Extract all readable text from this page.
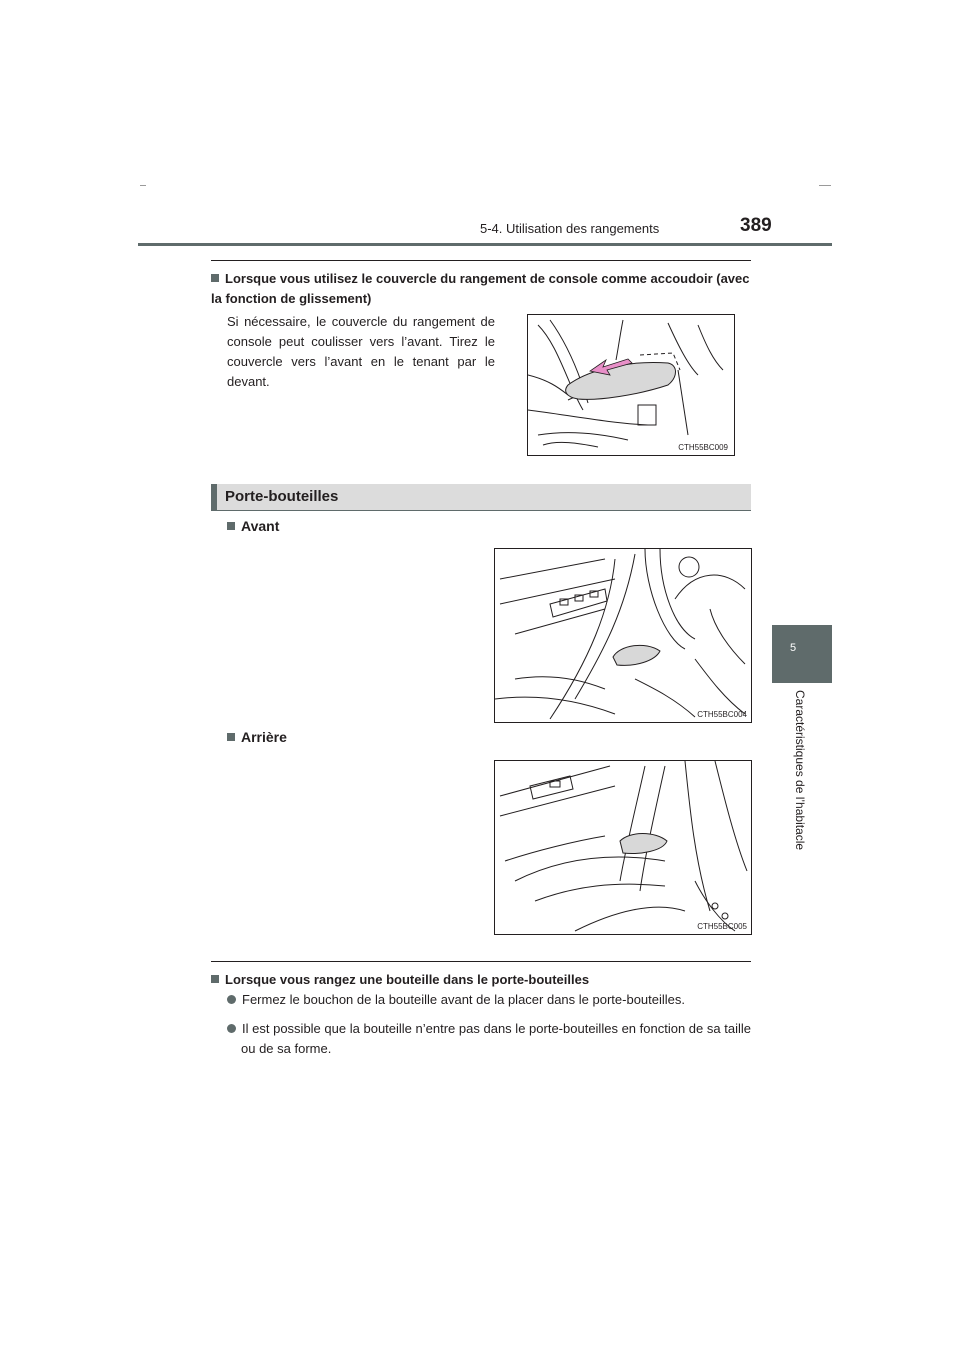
5-4. Utilisation des rangements	389
5
Caractéristiques de l’habitacle
Lorsque vous utilisez le couvercle du rangement de console comme accoudoir (avec la fonction de glissement)
Si nécessaire, le couvercle du rangement de console peut coulisser vers l’avant. Tirez le couvercle vers l’avant en le tenant par le devant.
CTH55BC009
Porte-bouteilles
Avant
CTH55BC004
Arrière
CTH55BC005
Lorsque vous rangez une bouteille dans le porte-bouteilles
Fermez le bouchon de la bouteille avant de la placer dans le porte-bouteilles.
Il est possible que la bouteille n’entre pas dans le porte-bouteilles en fonction de sa taille ou de sa forme.
